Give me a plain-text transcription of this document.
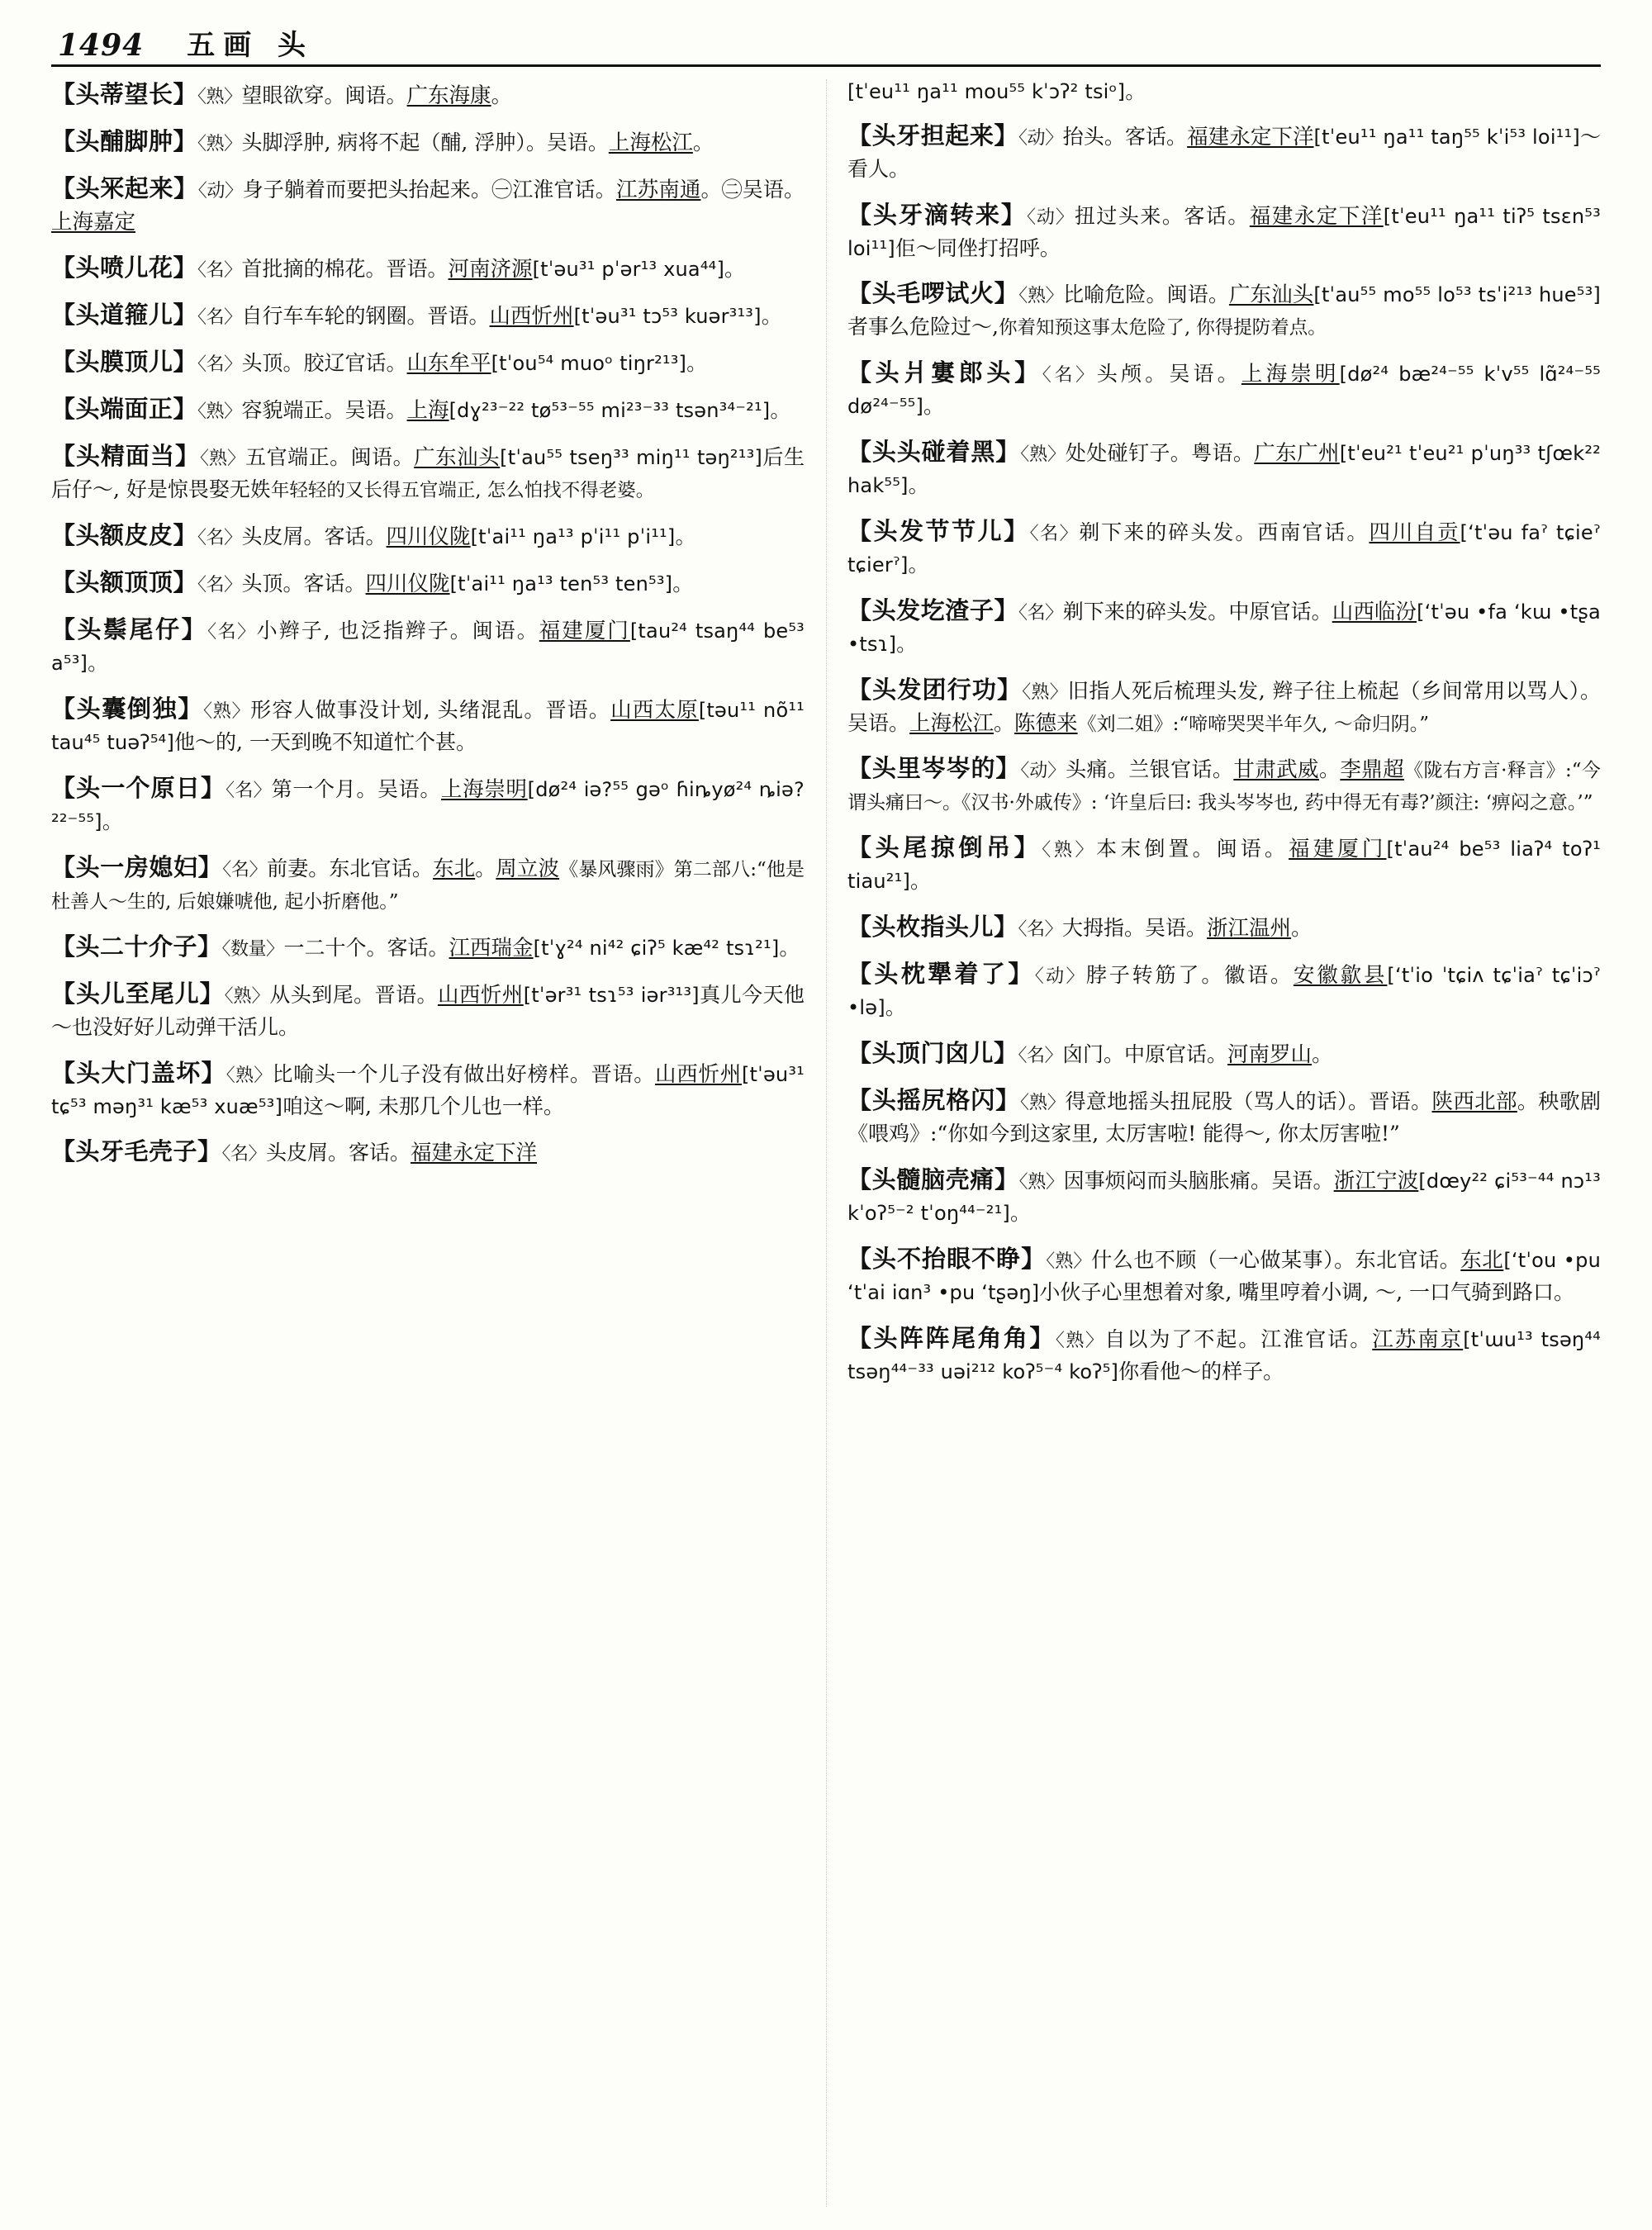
1494 五画 头
【头蒂望长】〈熟〉望眼欲穿。闽语。广东海康。
【头酺脚肿】〈熟〉头脚浮肿, 病将不起（酺, 浮肿）。吴语。上海松江。
【头冞起来】〈动〉身子躺着而要把头抬起来。㊀江淮官话。江苏南通。㊁吴语。上海嘉定
【头喷儿花】〈名〉首批摘的棉花。晋语。河南济源[tˈəu³¹ pˈər¹³ xua⁴⁴]。
【头道箍儿】〈名〉自行车车轮的钢圈。晋语。山西忻州[tˈəu³¹ tɔ⁵³ kuər³¹³]。
【头膜顶儿】〈名〉头顶。胶辽官话。山东牟平[tˈou⁵⁴ muoᵒ tiŋr²¹³]。
【头端面正】〈熟〉容貌端正。吴语。上海[dɣ²³⁻²² tø⁵³⁻⁵⁵ mi²³⁻³³ tsən³⁴⁻²¹]。
【头精面当】〈熟〉五官端正。闽语。广东汕头[tˈau⁵⁵ tseŋ³³ miŋ¹¹ təŋ²¹³]后生后仔～, 好是惊畏娶无妷年轻轻的又长得五官端正, 怎么怕找不得老婆。
【头额皮皮】〈名〉头皮屑。客话。四川仪陇[tˈai¹¹ ŋa¹³ pˈi¹¹ pˈi¹¹]。
【头额顶顶】〈名〉头顶。客话。四川仪陇[tˈai¹¹ ŋa¹³ ten⁵³ ten⁵³]。
【头鬃尾仔】〈名〉小辫子, 也泛指辫子。闽语。福建厦门[tau²⁴ tsaŋ⁴⁴ be⁵³ a⁵³]。
【头囊倒独】〈熟〉形容人做事没计划, 头绪混乱。晋语。山西太原[təu¹¹ nõ¹¹ tau⁴⁵ tuəʔ⁵⁴]他～的, 一天到晚不知道忙个甚。
【头一个原日】〈名〉第一个月。吴语。上海崇明[dø²⁴ iə?⁵⁵ gəᵒ ɦiȵyø²⁴ ȵiə?²²⁻⁵⁵]。
【头一房媳妇】〈名〉前妻。东北官话。东北。周立波《暴风骤雨》第二部八:“他是杜善人～生的, 后娘嫌唬他, 起小折磨他。”
【头二十介子】〈数量〉一二十个。客话。江西瑞金[tˈɣ²⁴ ni⁴² ɕiʔ⁵ kæ⁴² tsɿ²¹]。
【头儿至尾儿】〈熟〉从头到尾。晋语。山西忻州[tˈər³¹ tsɿ⁵³ iər³¹³]真儿今天他～也没好好儿动弹干活儿。
【头大门盖坏】〈熟〉比喻头一个儿子没有做出好榜样。晋语。山西忻州[tˈəu³¹ tɕ⁵³ məŋ³¹ kæ⁵³ xuæ⁵³]咱这～啊, 未那几个儿也一样。
【头牙毛壳子】〈名〉头皮屑。客话。福建永定下洋
[tˈeu¹¹ ŋa¹¹ mou⁵⁵ kˈɔʔ² tsiᵒ]。
【头牙担起来】〈动〉抬头。客话。福建永定下洋[tˈeu¹¹ ŋa¹¹ taŋ⁵⁵ kˈi⁵³ loi¹¹]～看人。
【头牙滴转来】〈动〉扭过头来。客话。福建永定下洋[tˈeu¹¹ ŋa¹¹ tiʔ⁵ tsɛn⁵³ loi¹¹]佢～同侳打招呼。
【头毛啰试火】〈熟〉比喻危险。闽语。广东汕头[tˈau⁵⁵ mo⁵⁵ lo⁵³ tsˈi²¹³ hue⁵³]者事么危险过～,你着知预这事太危险了, 你得提防着点。
【头爿寠郎头】〈名〉头颅。吴语。上海崇明[dø²⁴ bæ²⁴⁻⁵⁵ kˈv⁵⁵ lɑ̃²⁴⁻⁵⁵ dø²⁴⁻⁵⁵]。
【头头碰着黑】〈熟〉处处碰钉子。粤语。广东广州[tˈeu²¹ tˈeu²¹ pˈuŋ³³ tʃœk²² hak⁵⁵]。
【头发节节儿】〈名〉剃下来的碎头发。西南官话。四川自贡[ʻtˈəu faˀ tɕieˀ tɕierˀ]。
【头发圪渣子】〈名〉剃下来的碎头发。中原官话。山西临汾[ʻtˈəu •fa ʻkɯ •tʂa •tsɿ]。
【头发团行功】〈熟〉旧指人死后梳理头发, 辫子往上梳起（乡间常用以骂人）。吴语。上海松江。陈德来《刘二姐》:“啼啼哭哭半年久, ～命归阴。”
【头里岑岑的】〈动〉头痛。兰银官话。甘肃武威。李鼎超《陇右方言·释言》:“今谓头痛曰～。《汉书·外戚传》: ‘许皇后曰: 我头岑岑也, 药中得无有毒?’颜注: ‘痹闷之意。’”
【头尾掠倒吊】〈熟〉本末倒置。闽语。福建厦门[tˈau²⁴ be⁵³ liaʔ⁴ toʔ¹ tiau²¹]。
【头枚指头儿】〈名〉大拇指。吴语。浙江温州。
【头枕犟着了】〈动〉脖子转筋了。徽语。安徽歙县[ʻtˈio ˈtɕiʌ tɕˈiaˀ tɕˈiɔˀ •lə]。
【头顶门囟儿】〈名〉囟门。中原官话。河南罗山。
【头摇尻格闪】〈熟〉得意地摇头扭屁股（骂人的话）。晋语。陕西北部。秧歌剧《喂鸡》:“你如今到这家里, 太厉害啦! 能得～, 你太厉害啦!”
【头髓脑壳痛】〈熟〉因事烦闷而头脑胀痛。吴语。浙江宁波[dœy²² ɕi⁵³⁻⁴⁴ nɔ¹³ kˈoʔ⁵⁻² tˈoŋ⁴⁴⁻²¹]。
【头不抬眼不睁】〈熟〉什么也不顾（一心做某事）。东北官话。东北[ʻtˈou •pu ʻtˈai iɑn³ •pu ʻtʂəŋ]小伙子心里想着对象, 嘴里哼着小调, ～, 一口气骑到路口。
【头阵阵尾角角】〈熟〉自以为了不起。江淮官话。江苏南京[tˈɯu¹³ tsəŋ⁴⁴ tsəŋ⁴⁴⁻³³ uəi²¹² koʔ⁵⁻⁴ koʔ⁵]你看他～的样子。
